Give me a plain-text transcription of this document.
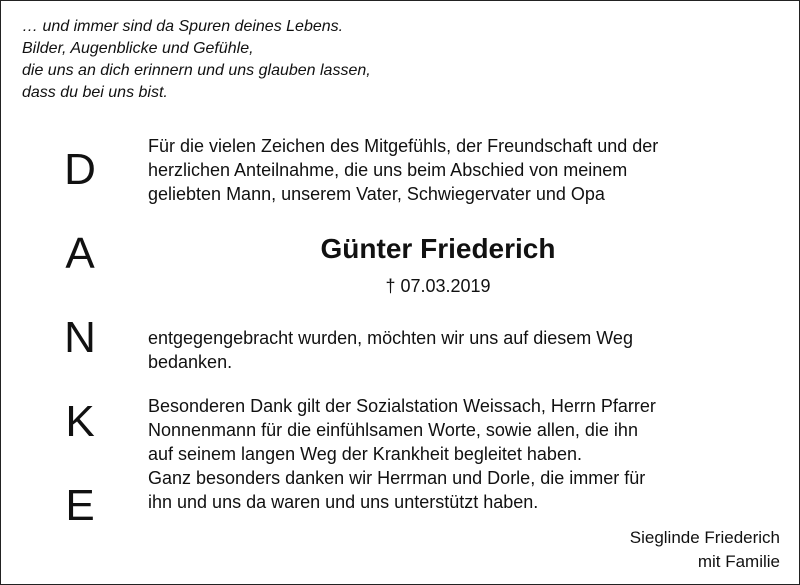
… und immer sind da Spuren deines Lebens.
Bilder, Augenblicke und Gefühle,
die uns an dich erinnern und uns glauben lassen,
dass du bei uns bist.
D
A
N
K
E
Für die vielen Zeichen des Mitgefühls, der Freundschaft und der
herzlichen Anteilnahme, die uns beim Abschied von meinem
geliebten Mann, unserem Vater, Schwiegervater und Opa
Günter Friederich
† 07.03.2019
entgegengebracht wurden, möchten wir uns auf diesem Weg
bedanken.
Besonderen Dank gilt der Sozialstation Weissach, Herrn Pfarrer
Nonnenmann für die einfühlsamen Worte, sowie allen, die ihn
auf seinem langen Weg der Krankheit begleitet haben.
Ganz besonders danken wir Herrman und Dorle, die immer für
ihn und uns da waren und uns unterstützt haben.
Sieglinde Friederich
mit Familie
